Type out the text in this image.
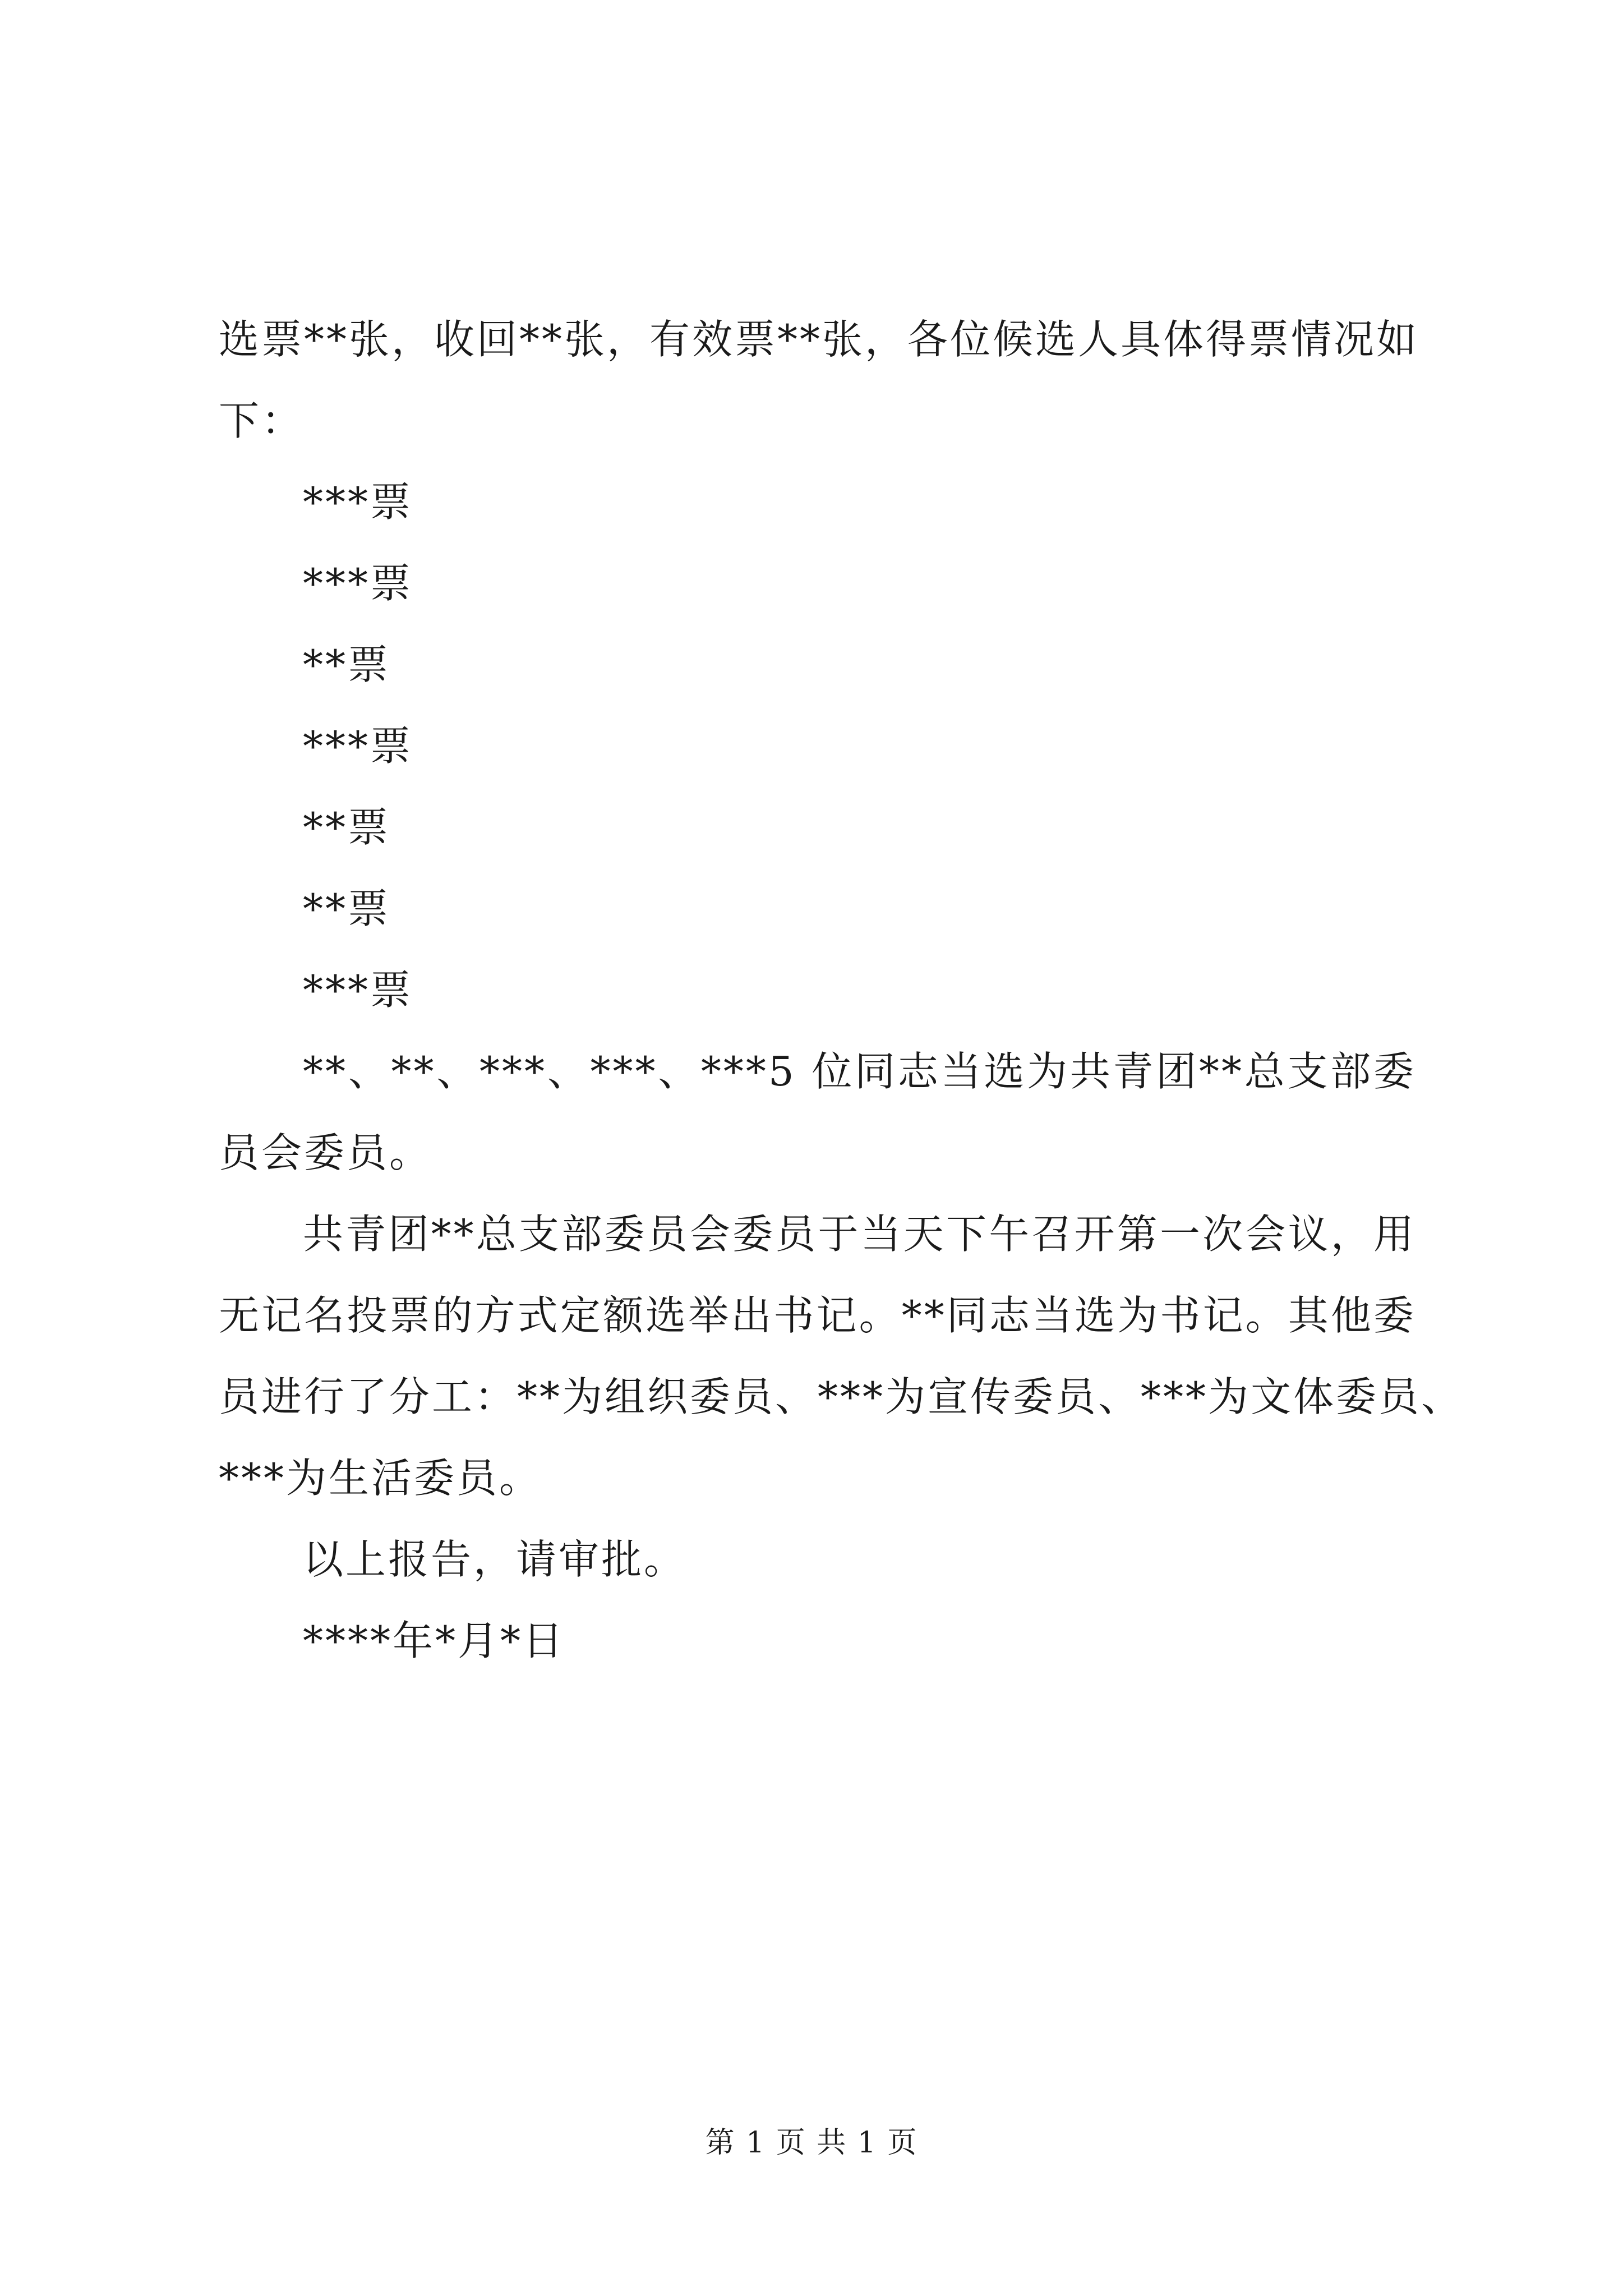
选票**张，收回**张，有效票**张，各位候选人具体得票情况如
下：
***票
***票
**票
***票
**票
**票
***票
**、**、***、***、***5 位同志当选为共青团**总支部委
员会委员。
共青团**总支部委员会委员于当天下午召开第一次会议，用
无记名投票的方式定额选举出书记。**同志当选为书记。其他委
员进行了分工：**为组织委员、***为宣传委员、***为文体委员、
***为生活委员。
以上报告，请审批。
****年*月*日
第 1 页 共 1 页
